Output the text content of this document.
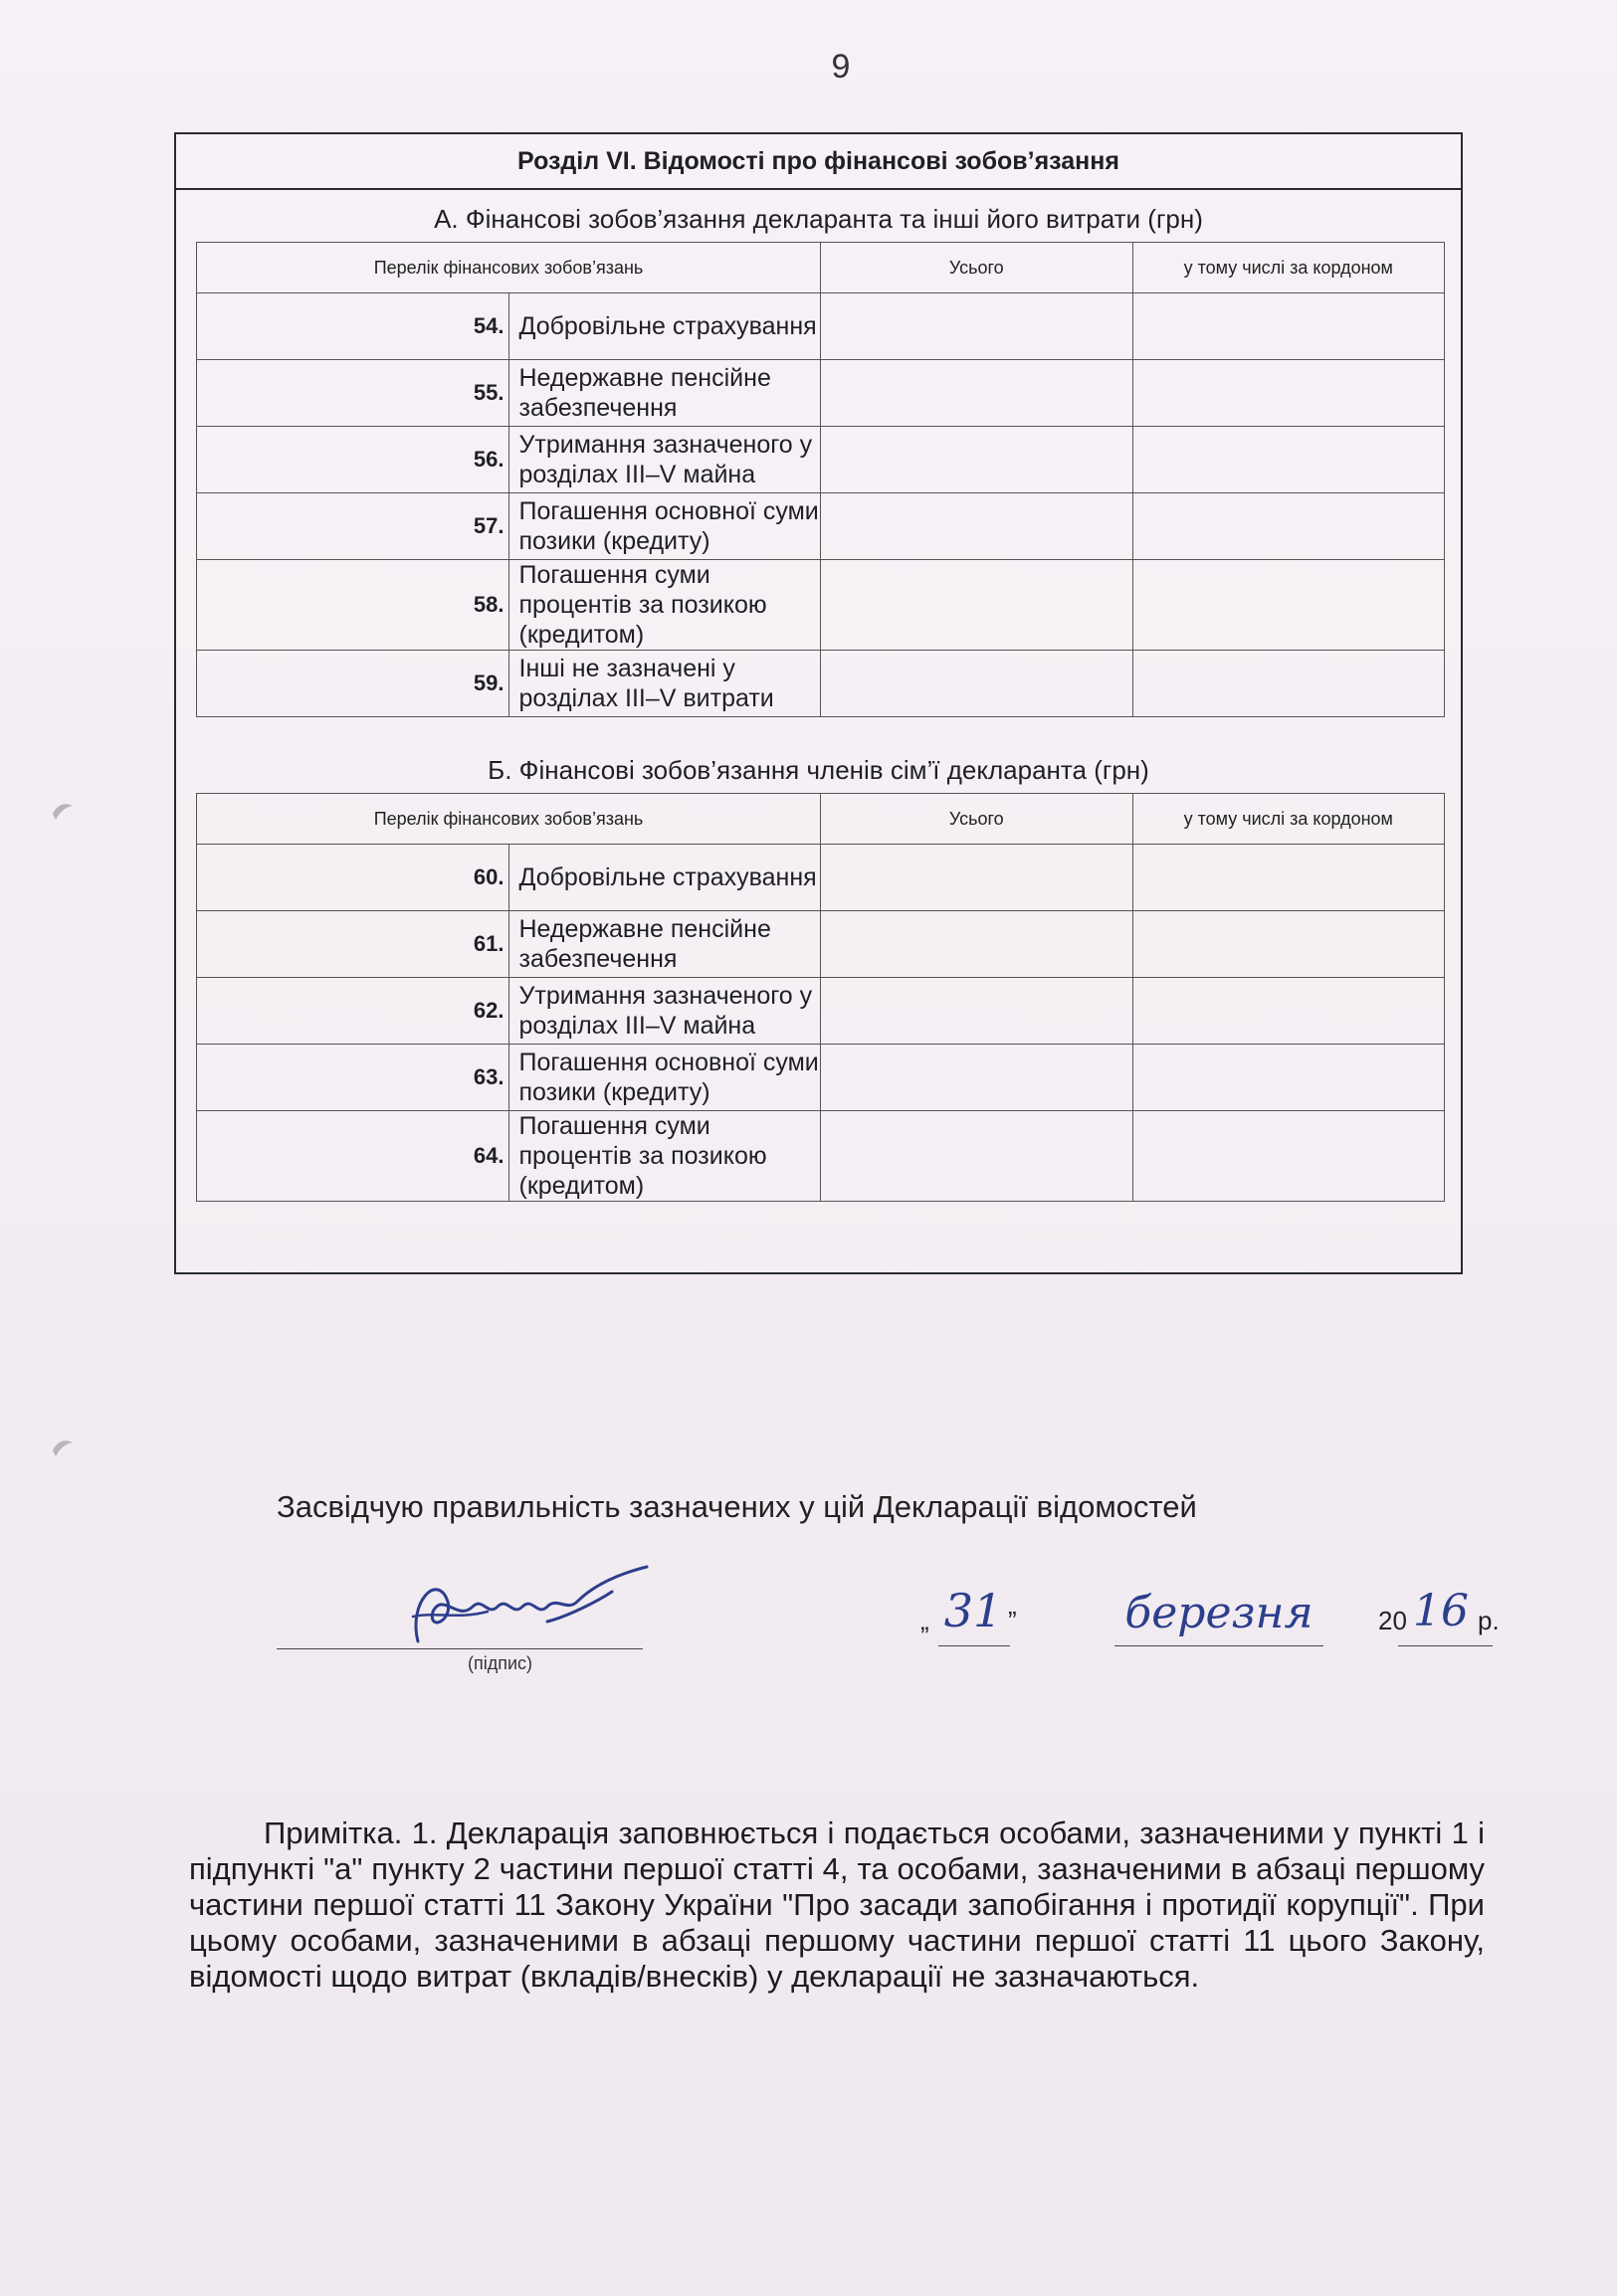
9
Розділ VI. Відомості про фінансові зобов’язання
А. Фінансові зобов’язання декларанта та інші його витрати (грн)
Перелік фінансових зобов’язань		Усього	у тому числі за кордоном
54.	Добровільне страхування		
55.	Недержавне пенсійне забезпечення		
56.	Утримання зазначеного у розділах III–V майна		
57.	Погашення основної суми позики (кредиту)		
58.	Погашення суми процентів за позикою (кредитом)		
59.	Інші не зазначені у розділах III–V витрати		
Б. Фінансові зобов’язання членів сім’ї декларанта (грн)
Перелік фінансових зобов’язань		Усього	у тому числі за кордоном
60.	Добровільне страхування		
61.	Недержавне пенсійне забезпечення		
62.	Утримання зазначеного у розділах III–V майна		
63.	Погашення основної суми позики (кредиту)		
64.	Погашення суми процентів за позикою (кредитом)		
Засвідчую правильність зазначених у цій Декларації відомостей
(підпис)
„ 31 ” березня	20 16 р.
Примітка. 1. Декларація заповнюється і подається особами, зазначеними у пункті 1 і підпункті "а" пункту 2 частини першої статті 4, та особами, зазначеними в абзаці першому частини першої статті 11 Закону України "Про засади запобігання і протидії корупції". При цьому особами, зазначеними в абзаці першому частини першої статті 11 цього Закону, відомості щодо витрат (вкладів/внесків) у декларації не зазначаються.
